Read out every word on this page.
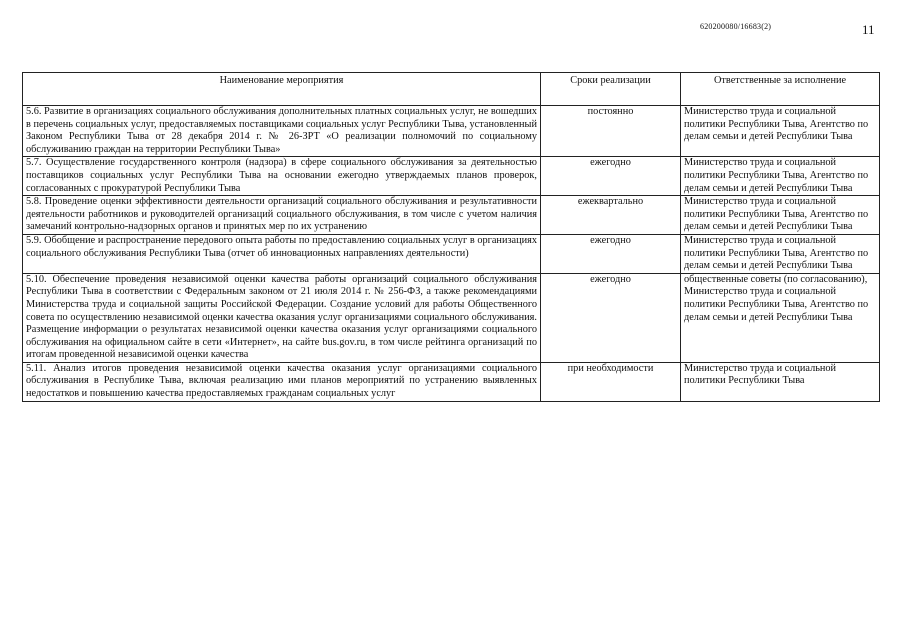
620200080/16683(2)	11
Наименование мероприятия	Сроки реализации	Ответственные за исполнение
5.6. Развитие в организациях социального обслуживания дополнительных платных социальных услуг, не вошедших в перечень социальных услуг, предоставляемых поставщиками социальных услуг Республики Тыва, установленный Законом Республики Тыва от 28 декабря 2014 г. № 26-ЗРТ «О реализации полномочий по социальному обслуживанию граждан на территории Республики Тыва»	постоянно	Министерство труда и социальной политики Республики Тыва, Агентство по делам семьи и детей Республики Тыва
5.7. Осуществление государственного контроля (надзора) в сфере социального обслуживания за деятельностью поставщиков социальных услуг Республики Тыва на основании ежегодно утверждаемых планов проверок, согласованных с прокуратурой Республики Тыва	ежегодно	Министерство труда и социальной политики Республики Тыва, Агентство по делам семьи и детей Республики Тыва
5.8. Проведение оценки эффективности деятельности организаций социального обслуживания и результативности деятельности работников и руководителей организаций социального обслуживания, в том числе с учетом наличия замечаний контрольно-надзорных органов и принятых мер по их устранению	ежеквартально	Министерство труда и социальной политики Республики Тыва, Агентство по делам семьи и детей Республики Тыва
5.9. Обобщение и распространение передового опыта работы по предоставлению социальных услуг в организациях социального обслуживания Республики Тыва (отчет об инновационных направлениях деятельности)	ежегодно	Министерство труда и социальной политики Республики Тыва, Агентство по делам семьи и детей Республики Тыва
5.10. Обеспечение проведения независимой оценки качества работы организаций социального обслуживания Республики Тыва в соответствии с Федеральным законом от 21 июля 2014 г. № 256-ФЗ, а также рекомендациями Министерства труда и социальной защиты Российской Федерации. Создание условий для работы Общественного совета по осуществлению независимой оценки качества оказания услуг организациями социального обслуживания. Размещение информации о результатах независимой оценки качества оказания услуг организациями социального обслуживания на официальном сайте в сети «Интернет», на сайте bus.gov.ru, в том числе рейтинга организаций по итогам проведенной независимой оценки качества	ежегодно	общественные советы (по согласованию), Министерство труда и социальной политики Республики Тыва, Агентство по делам семьи и детей Республики Тыва
5.11. Анализ итогов проведения независимой оценки качества оказания услуг организациями социального обслуживания в Республике Тыва, включая реализацию ими планов мероприятий по устранению выявленных недостатков и повышению качества предоставляемых гражданам социальных услуг	при необходимости	Министерство труда и социальной политики Республики Тыва
